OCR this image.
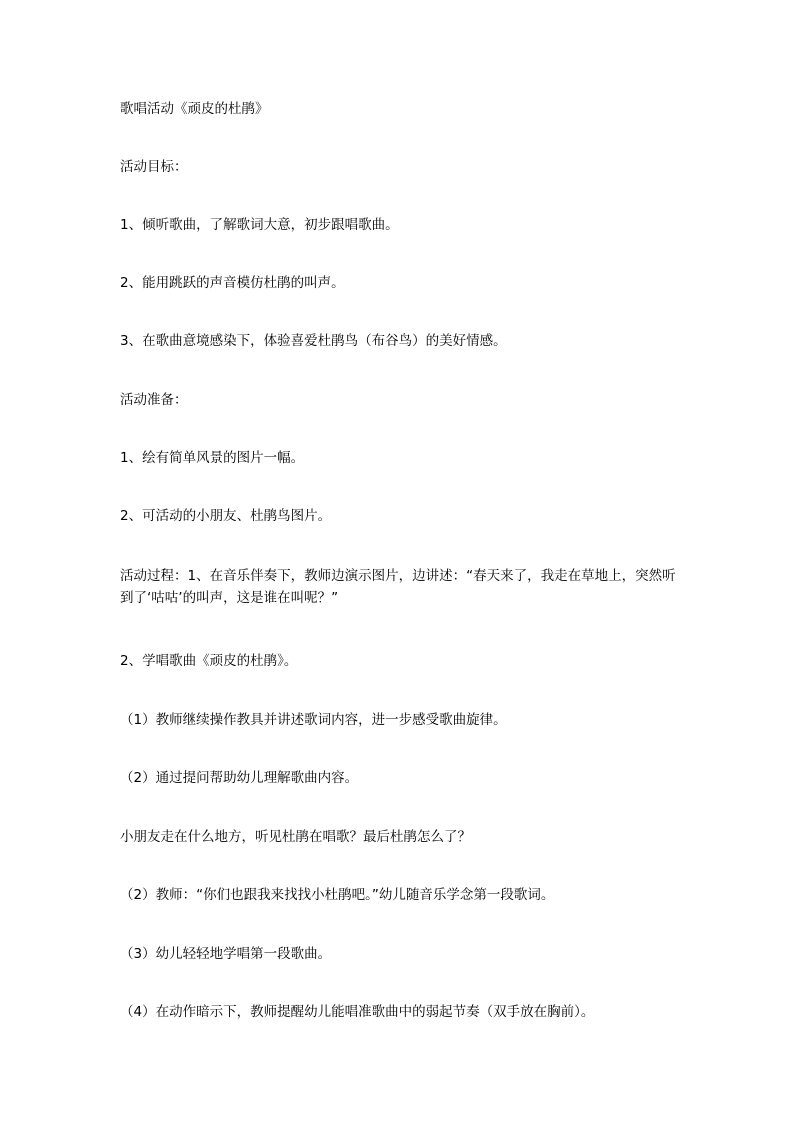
歌唱活动《顽皮的杜鹃》
活动目标：
1、倾听歌曲，了解歌词大意，初步跟唱歌曲。
2、能用跳跃的声音模仿杜鹃的叫声。
3、在歌曲意境感染下，体验喜爱杜鹃鸟（布谷鸟）的美好情感。
活动准备：
1、绘有简单风景的图片一幅。
2、可活动的小朋友、杜鹃鸟图片。
活动过程：1、在音乐伴奏下，教师边演示图片，边讲述：“春天来了，我走在草地上，突然听到了‘咕咕’的叫声，这是谁在叫呢？”
2、学唱歌曲《顽皮的杜鹃》。
（1）教师继续操作教具并讲述歌词内容，进一步感受歌曲旋律。
（2）通过提问帮助幼儿理解歌曲内容。
小朋友走在什么地方，听见杜鹃在唱歌？最后杜鹃怎么了？
（2）教师：“你们也跟我来找找小杜鹃吧。”幼儿随音乐学念第一段歌词。
（3）幼儿轻轻地学唱第一段歌曲。
（4）在动作暗示下，教师提醒幼儿能唱准歌曲中的弱起节奏（双手放在胸前）。
